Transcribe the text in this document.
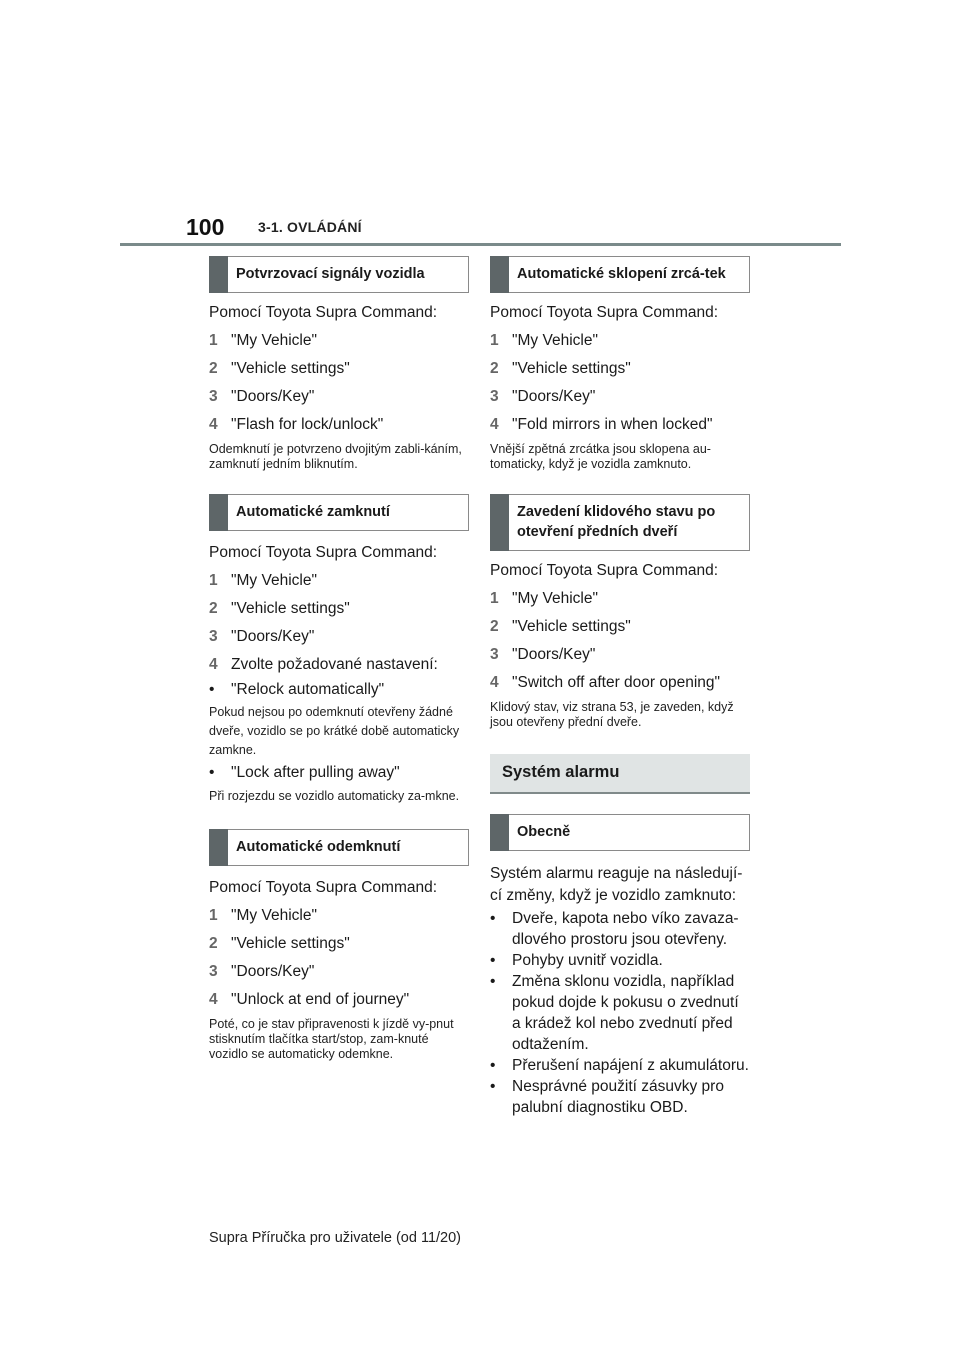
100 3-1. OVLÁDÁNÍ
Potvrzovací signály vozidla

Pomocí Toyota Supra Command:

1 "My Vehicle"

2 "Vehicle settings"

3 "Doors/Key"

4 "Flash for lock/unlock"

Odemknutí je potvrzeno dvojitým zabli-káním, zamknutí jedním bliknutím.

Automatické zamknutí

Pomocí Toyota Supra Command:

1 "My Vehicle"

2 "Vehicle settings"

3 "Doors/Key"

4 Zvolte požadované nastavení:

• "Relock automatically"

Pokud nejsou po odemknutí otevřeny žádné dveře, vozidlo se po krátké době automaticky zamkne.

• "Lock after pulling away"

Při rozjezdu se vozidlo automaticky za-mkne.

Automatické odemknutí

Pomocí Toyota Supra Command:

1 "My Vehicle"

2 "Vehicle settings"

3 "Doors/Key"

4 "Unlock at end of journey"

Poté, co je stav připravenosti k jízdě vy-pnut stisknutím tlačítka start/stop, zam-knuté vozidlo se automaticky odemkne.

Automatické sklopení zrcá-tek

Pomocí Toyota Supra Command:

1 "My Vehicle"

2 "Vehicle settings"

3 "Doors/Key"

4 "Fold mirrors in when locked"

Vnější zpětná zrcátka jsou sklopena au-tomaticky, když je vozidla zamknuto.

Zavedení klidového stavu po otevření předních dveří

Pomocí Toyota Supra Command:

1 "My Vehicle"

2 "Vehicle settings"

3 "Doors/Key"

4 "Switch off after door opening"

Klidový stav, viz strana 53, je zaveden, když jsou otevřeny přední dveře.

Systém alarmu
Obecně

Systém alarmu reaguje na následují-cí změny, když je vozidlo zamknuto:

• Dveře, kapota nebo víko zavaza-dlového prostoru jsou otevřeny.

• Pohyby uvnitř vozidla.

• Změna sklonu vozidla, například pokud dojde k pokusu o zvednutí a krádež kol nebo zvednutí před odtažením.

• Přerušení napájení z akumulátoru.

• Nesprávné použití zásuvky pro palubní diagnostiku OBD.

Supra Příručka pro uživatele (od 11/20)
